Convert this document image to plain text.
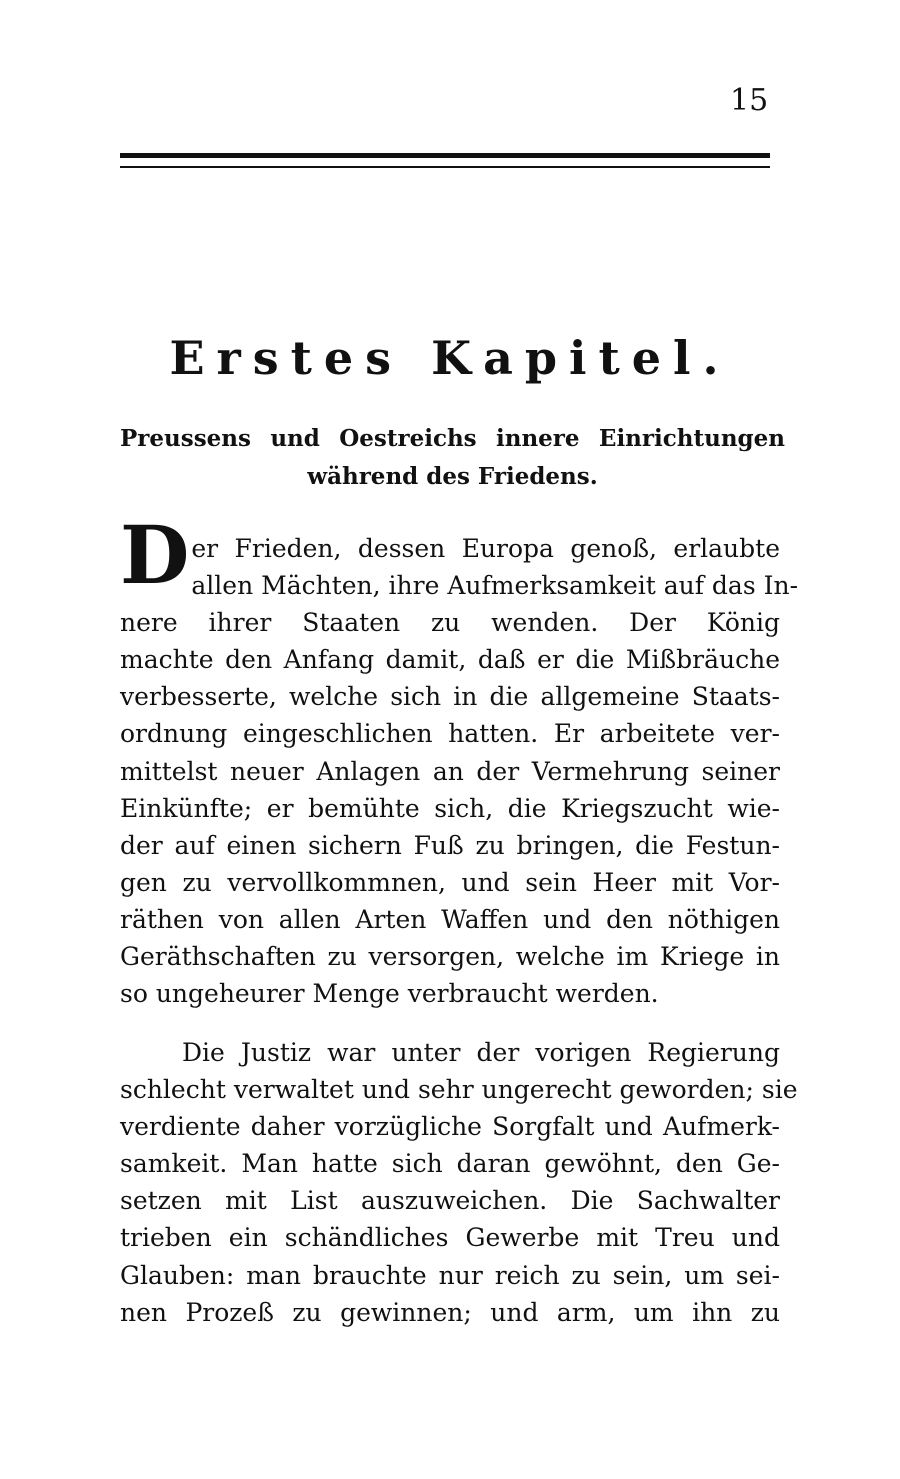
15
Erstes Kapitel.
Preussens und Oestreichs innere Einrichtungen während des Friedens.
D er Frieden, dessen Europa genoß, erlaubte
allen Mächten, ihre Aufmerksamkeit auf das In-
nere ihrer Staaten zu wenden. Der König
machte den Anfang damit, daß er die Mißbräuche
verbesserte, welche sich in die allgemeine Staats-
ordnung eingeschlichen hatten. Er arbeitete ver-
mittelst neuer Anlagen an der Vermehrung seiner
Einkünfte; er bemühte sich, die Kriegszucht wie-
der auf einen sichern Fuß zu bringen, die Festun-
gen zu vervollkommnen, und sein Heer mit Vor-
räthen von allen Arten Waffen und den nöthigen
Geräthschaften zu versorgen, welche im Kriege in
so ungeheurer Menge verbraucht werden.
Die Justiz war unter der vorigen Regierung
schlecht verwaltet und sehr ungerecht geworden; sie
verdiente daher vorzügliche Sorgfalt und Aufmerk-
samkeit. Man hatte sich daran gewöhnt, den Ge-
setzen mit List auszuweichen. Die Sachwalter
trieben ein schändliches Gewerbe mit Treu und
Glauben: man brauchte nur reich zu sein, um sei-
nen Prozeß zu gewinnen; und arm, um ihn zu
